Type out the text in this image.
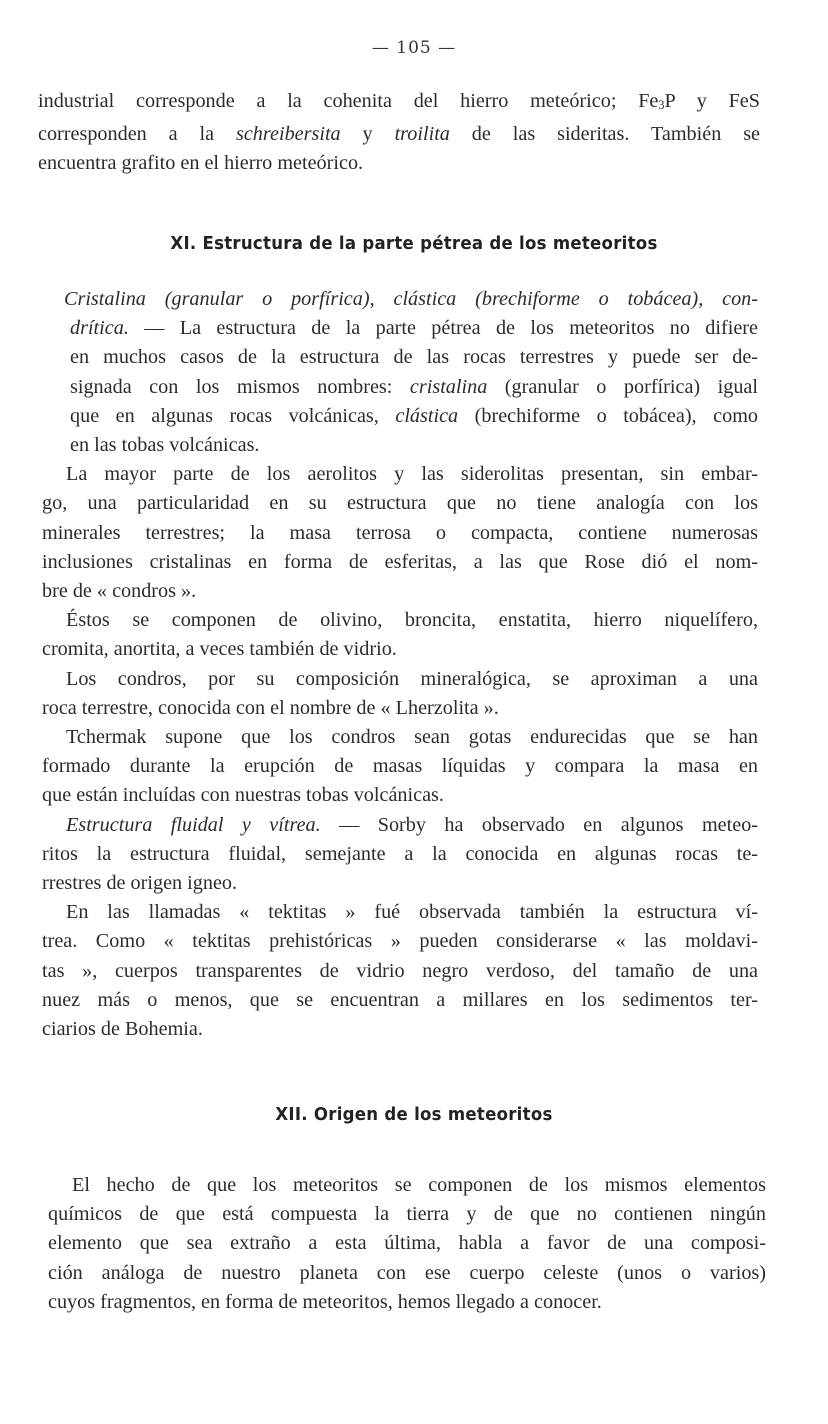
— 105 —

industrial corresponde a la cohenita del hierro meteórico; $Fe_3P$ y FeS
corresponden a la schreibersita y troilita de las sideritas. También se
encuentra grafito en el hierro meteórico.

XI. Estructura de la parte pétrea de los meteoritos

Cristalina (granular o porfírica), clástica (brechiforme o tobácea), con-
drítica. — La estructura de la parte pétrea de los meteoritos no difiere
en muchos casos de la estructura de las rocas terrestres y puede ser de-
signada con los mismos nombres: cristalina (granular o porfírica) igual
que en algunas rocas volcánicas, clástica (brechiforme o tobácea), como
en las tobas volcánicas.

La mayor parte de los aerolitos y las siderolitas presentan, sin embar-
go, una particularidad en su estructura que no tiene analogía con los
minerales terrestres; la masa terrosa o compacta, contiene numerosas
inclusiones cristalinas en forma de esferitas, a las que Rose dió el nom-
bre de « condros ».

Éstos se componen de olivino, broncita, enstatita, hierro niquelífero,
cromita, anortita, a veces también de vidrio.

Los condros, por su composición mineralógica, se aproximan a una
roca terrestre, conocida con el nombre de « Lherzolita ».

Tchermak supone que los condros sean gotas endurecidas que se han
formado durante la erupción de masas líquidas y compara la masa en
que están incluídas con nuestras tobas volcánicas.

Estructura fluidal y vítrea. — Sorby ha observado en algunos meteo-
ritos la estructura fluidal, semejante a la conocida en algunas rocas te-
rrestres de origen igneo.

En las llamadas « tektitas » fué observada también la estructura ví-
trea. Como « tektitas prehistóricas » pueden considerarse « las moldavi-
tas », cuerpos transparentes de vidrio negro verdoso, del tamaño de una
nuez más o menos, que se encuentran a millares en los sedimentos ter-
ciarios de Bohemia.

XII. Origen de los meteoritos

El hecho de que los meteoritos se componen de los mismos elementos
químicos de que está compuesta la tierra y de que no contienen ningún
elemento que sea extraño a esta última, habla a favor de una composi-
ción análoga de nuestro planeta con ese cuerpo celeste (unos o varios)
cuyos fragmentos, en forma de meteoritos, hemos llegado a conocer.
